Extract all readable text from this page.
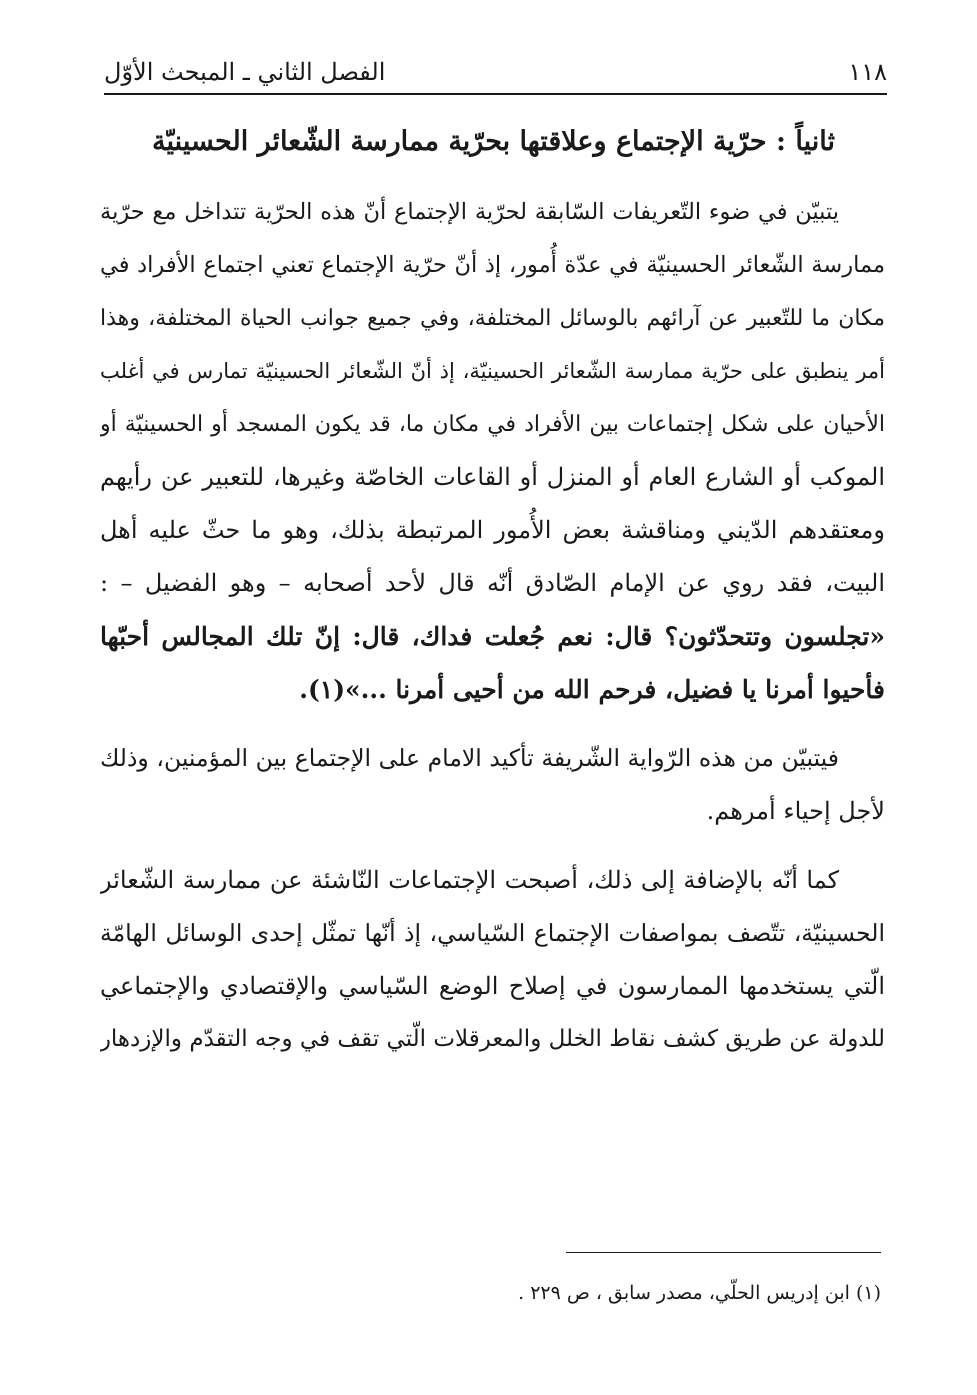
١١٨
الفصل الثاني ـ المبحث الأوّل
ثانياً : حرّية الإجتماع وعلاقتها بحرّية ممارسة الشّعائر الحسينيّة
يتبيّن في ضوء التّعريفات السّابقة لحرّية الإجتماع أنّ هذه الحرّية تتداخل مع حرّية
ممارسة الشّعائر الحسينيّة في عدّة أُمور، إذ أنّ حرّية الإجتماع تعني اجتماع الأفراد في
مكان ما للتّعبير عن آرائهم بالوسائل المختلفة، وفي جميع جوانب الحياة المختلفة، وهذا
أمر ينطبق على حرّية ممارسة الشّعائر الحسينيّة، إذ أنّ الشّعائر الحسينيّة تمارس في أغلب
الأحيان على شكل إجتماعات بين الأفراد في مكان ما، قد يكون المسجد أو الحسينيّة أو
الموكب أو الشارع العام أو المنزل أو القاعات الخاصّة وغيرها، للتعبير عن رأيهم
ومعتقدهم الدّيني ومناقشة بعض الأُمور المرتبطة بذلك، وهو ما حثّ عليه أهل
البيت، فقد روي عن الإمام الصّادق أنّه قال لأحد أصحابه – وهو الفضيل – :
«تجلسون وتتحدّثون؟ قال: نعم جُعلت فداك، قال: إنّ تلك المجالس أحبّها
فأحيوا أمرنا يا فضيل، فرحم الله من أحيى أمرنا ...»(١).
فيتبيّن من هذه الرّواية الشّريفة تأكيد الامام على الإجتماع بين المؤمنين، وذلك
لأجل إحياء أمرهم.
كما أنّه بالإضافة إلى ذلك، أصبحت الإجتماعات النّاشئة عن ممارسة الشّعائر
الحسينيّة، تتّصف بمواصفات الإجتماع السّياسي، إذ أنّها تمثّل إحدى الوسائل الهامّة
الّتي يستخدمها الممارسون في إصلاح الوضع السّياسي والإقتصادي والإجتماعي
للدولة عن طريق كشف نقاط الخلل والمعرقلات الّتي تقف في وجه التقدّم والإزدهار
(١) ابن إدريس الحلّي، مصدر سابق ، ص ٢٢٩ .
